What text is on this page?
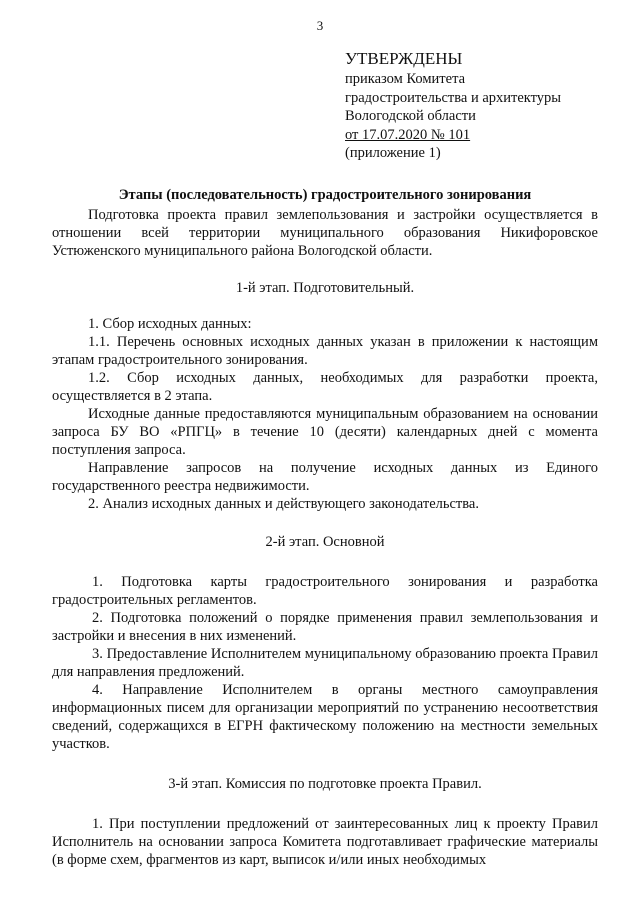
3
УТВЕРЖДЕНЫ
приказом Комитета
градостроительства и архитектуры
Вологодской области
от 17.07.2020 № 101
(приложение 1)
Этапы (последовательность) градостроительного зонирования

Подготовка проекта правил землепользования и застройки осуществляется в отношении всей территории муниципального образования Никифоровское Устюженского муниципального района Вологодской области.

1-й этап. Подготовительный.

1. Сбор исходных данных:

1.1. Перечень основных исходных данных указан в приложении к настоящим этапам градостроительного зонирования.

1.2. Сбор исходных данных, необходимых для разработки проекта, осуществляется в 2 этапа.

Исходные данные предоставляются муниципальным образованием на основании запроса БУ ВО «РПГЦ» в течение 10 (десяти) календарных дней с момента поступления запроса.

Направление запросов на получение исходных данных из Единого государственного реестра недвижимости.

2. Анализ исходных данных и действующего законодательства.

2-й этап. Основной

1. Подготовка карты градостроительного зонирования и разработка градостроительных регламентов.

2. Подготовка положений о порядке применения правил землепользования и застройки и внесения в них изменений.

3. Предоставление Исполнителем муниципальному образованию проекта Правил для направления предложений.

4. Направление Исполнителем в органы местного самоуправления информационных писем для организации мероприятий по устранению несоответствия сведений, содержащихся в ЕГРН фактическому положению на местности земельных участков.

3-й этап. Комиссия по подготовке проекта Правил.

1. При поступлении предложений от заинтересованных лиц к проекту Правил Исполнитель на основании запроса Комитета подготавливает графические материалы (в форме схем, фрагментов из карт, выписок и/или иных необходимых
